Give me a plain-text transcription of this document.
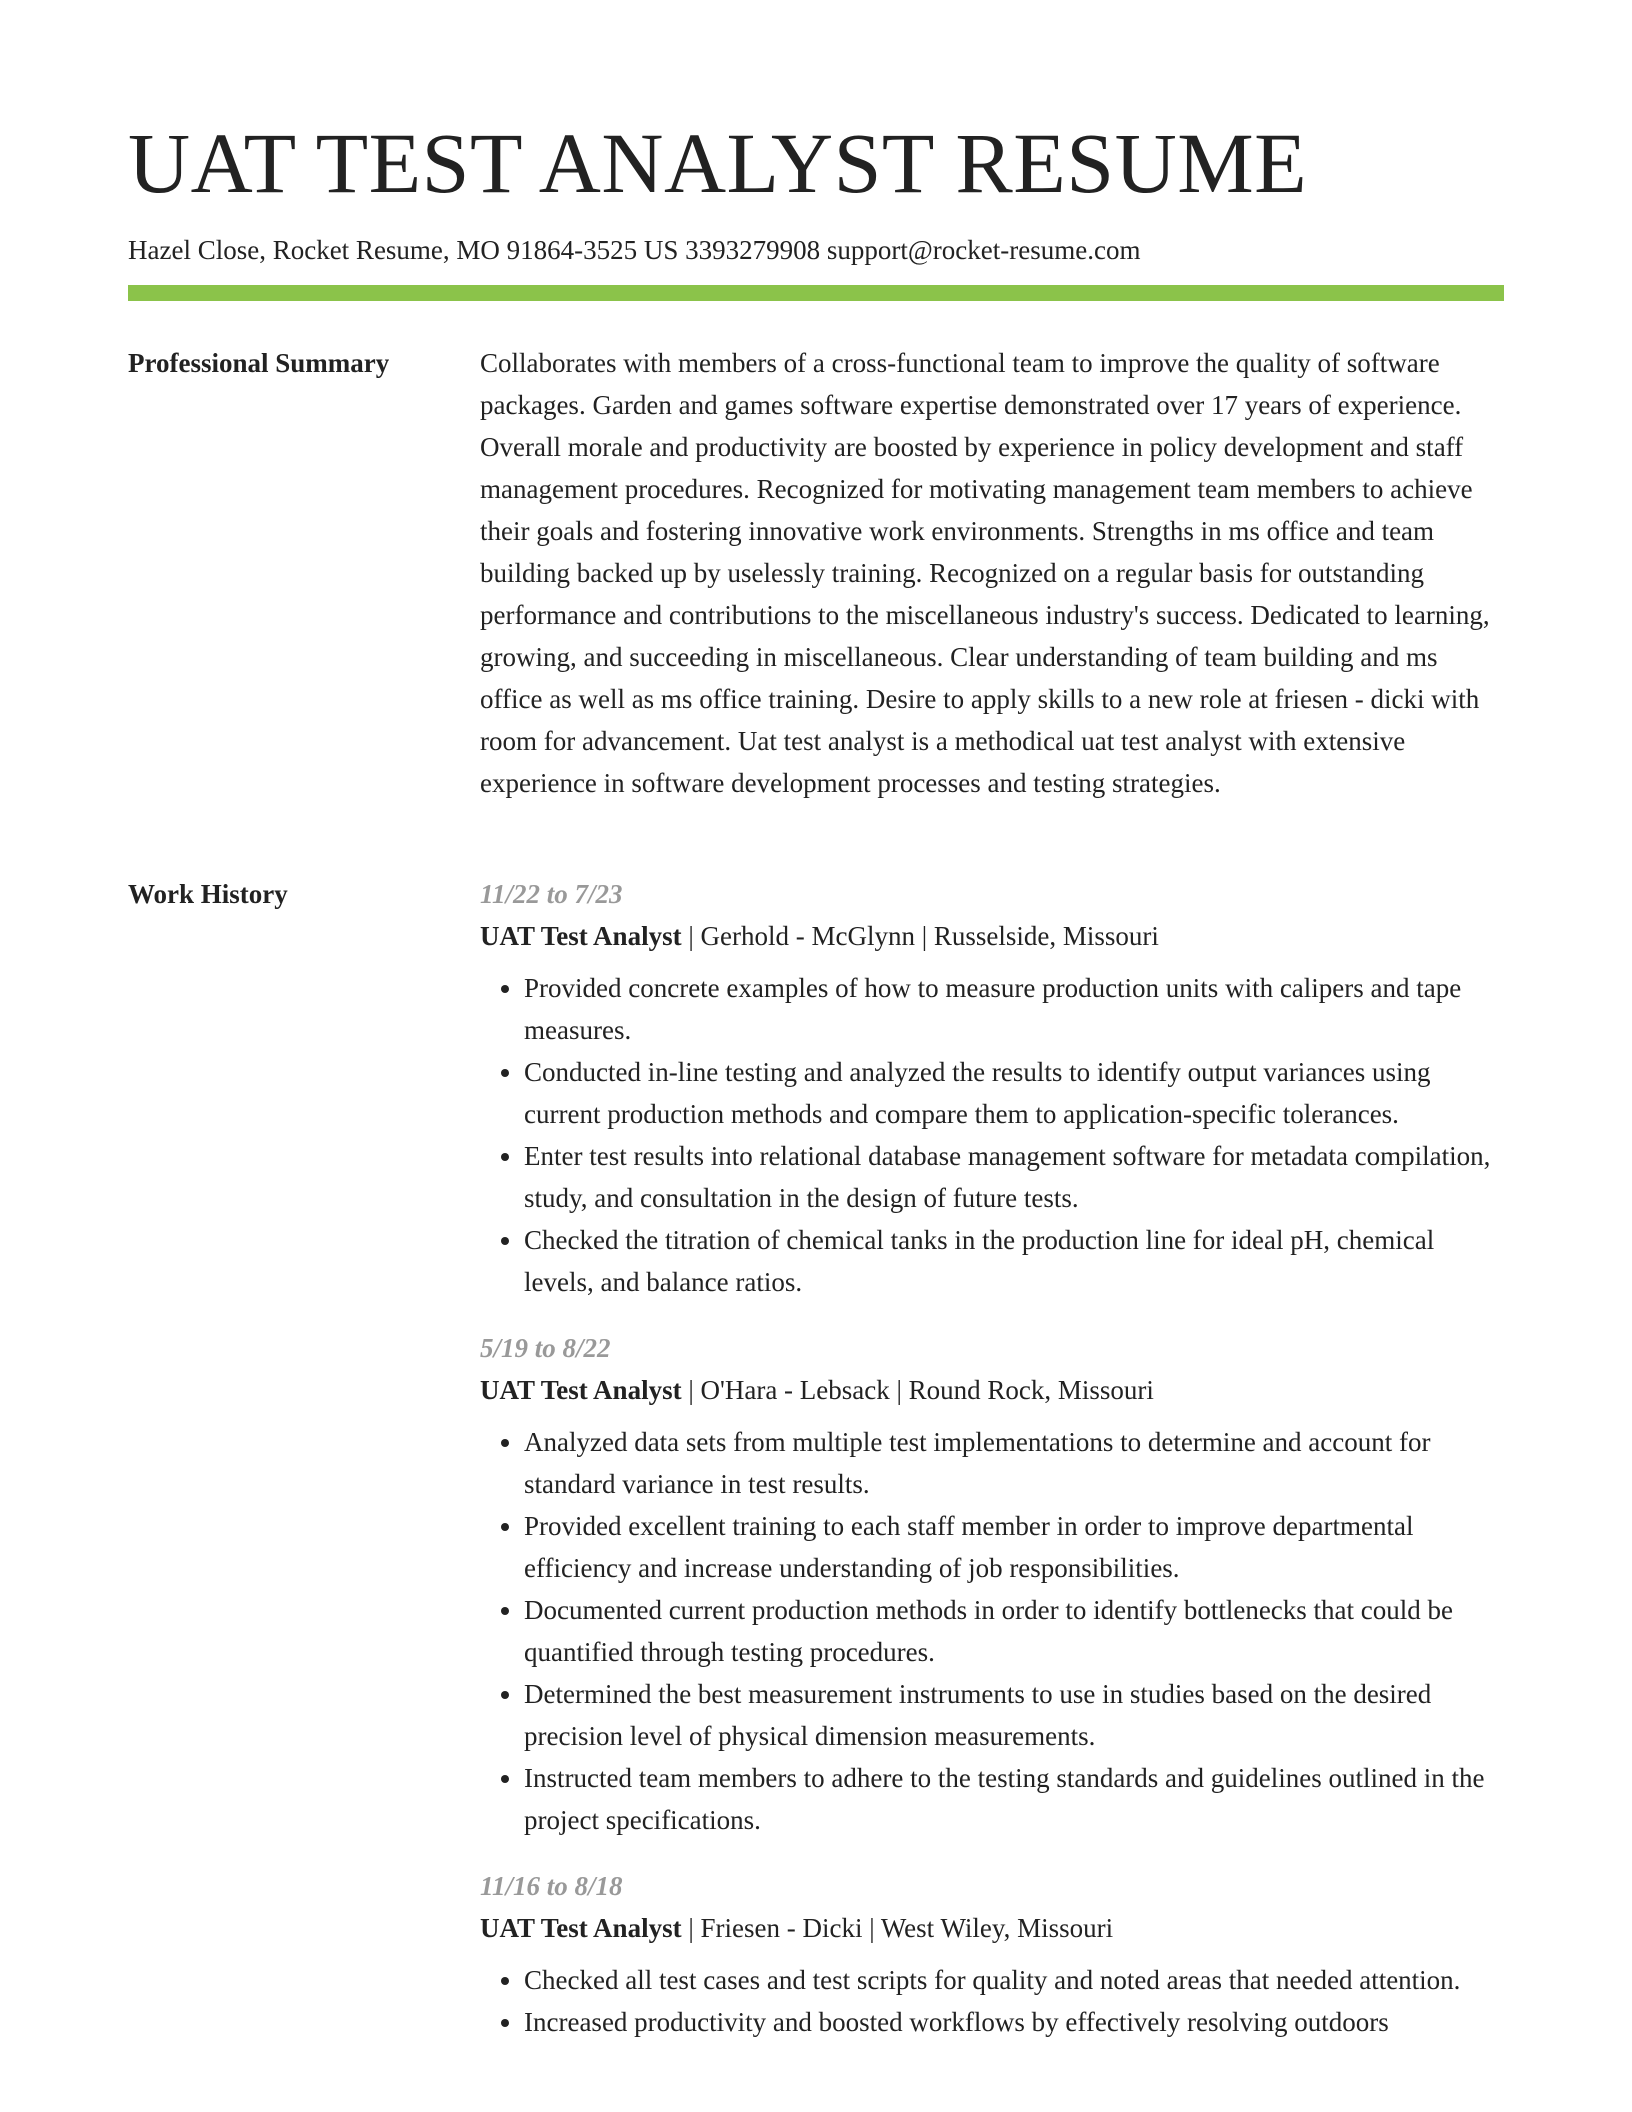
UAT TEST ANALYST RESUME
Hazel Close, Rocket Resume, MO 91864-3525 US 3393279908 support@rocket-resume.com
Professional Summary	Collaborates with members of a cross-functional team to improve the quality of software packages. Garden and games software expertise demonstrated over 17 years of experience. Overall morale and productivity are boosted by experience in policy development and staff management procedures. Recognized for motivating management team members to achieve their goals and fostering innovative work environments. Strengths in ms office and team building backed up by uselessly training. Recognized on a regular basis for outstanding performance and contributions to the miscellaneous industry's success. Dedicated to learning, growing, and succeeding in miscellaneous. Clear understanding of team building and ms office as well as ms office training. Desire to apply skills to a new role at friesen - dicki with room for advancement. Uat test analyst is a methodical uat test analyst with extensive experience in software development processes and testing strategies.

Work History	11/22 to 7/23
UAT Test Analyst | Gerhold - McGlynn | Russelside, Missouri
• Provided concrete examples of how to measure production units with calipers and tape measures.
• Conducted in-line testing and analyzed the results to identify output variances using current production methods and compare them to application-specific tolerances.
• Enter test results into relational database management software for metadata compilation, study, and consultation in the design of future tests.
• Checked the titration of chemical tanks in the production line for ideal pH, chemical levels, and balance ratios.
5/19 to 8/22
UAT Test Analyst | O'Hara - Lebsack | Round Rock, Missouri
• Analyzed data sets from multiple test implementations to determine and account for standard variance in test results.
• Provided excellent training to each staff member in order to improve departmental efficiency and increase understanding of job responsibilities.
• Documented current production methods in order to identify bottlenecks that could be quantified through testing procedures.
• Determined the best measurement instruments to use in studies based on the desired precision level of physical dimension measurements.
• Instructed team members to adhere to the testing standards and guidelines outlined in the project specifications.
11/16 to 8/18
UAT Test Analyst | Friesen - Dicki | West Wiley, Missouri
• Checked all test cases and test scripts for quality and noted areas that needed attention.
• Increased productivity and boosted workflows by effectively resolving outdoors
